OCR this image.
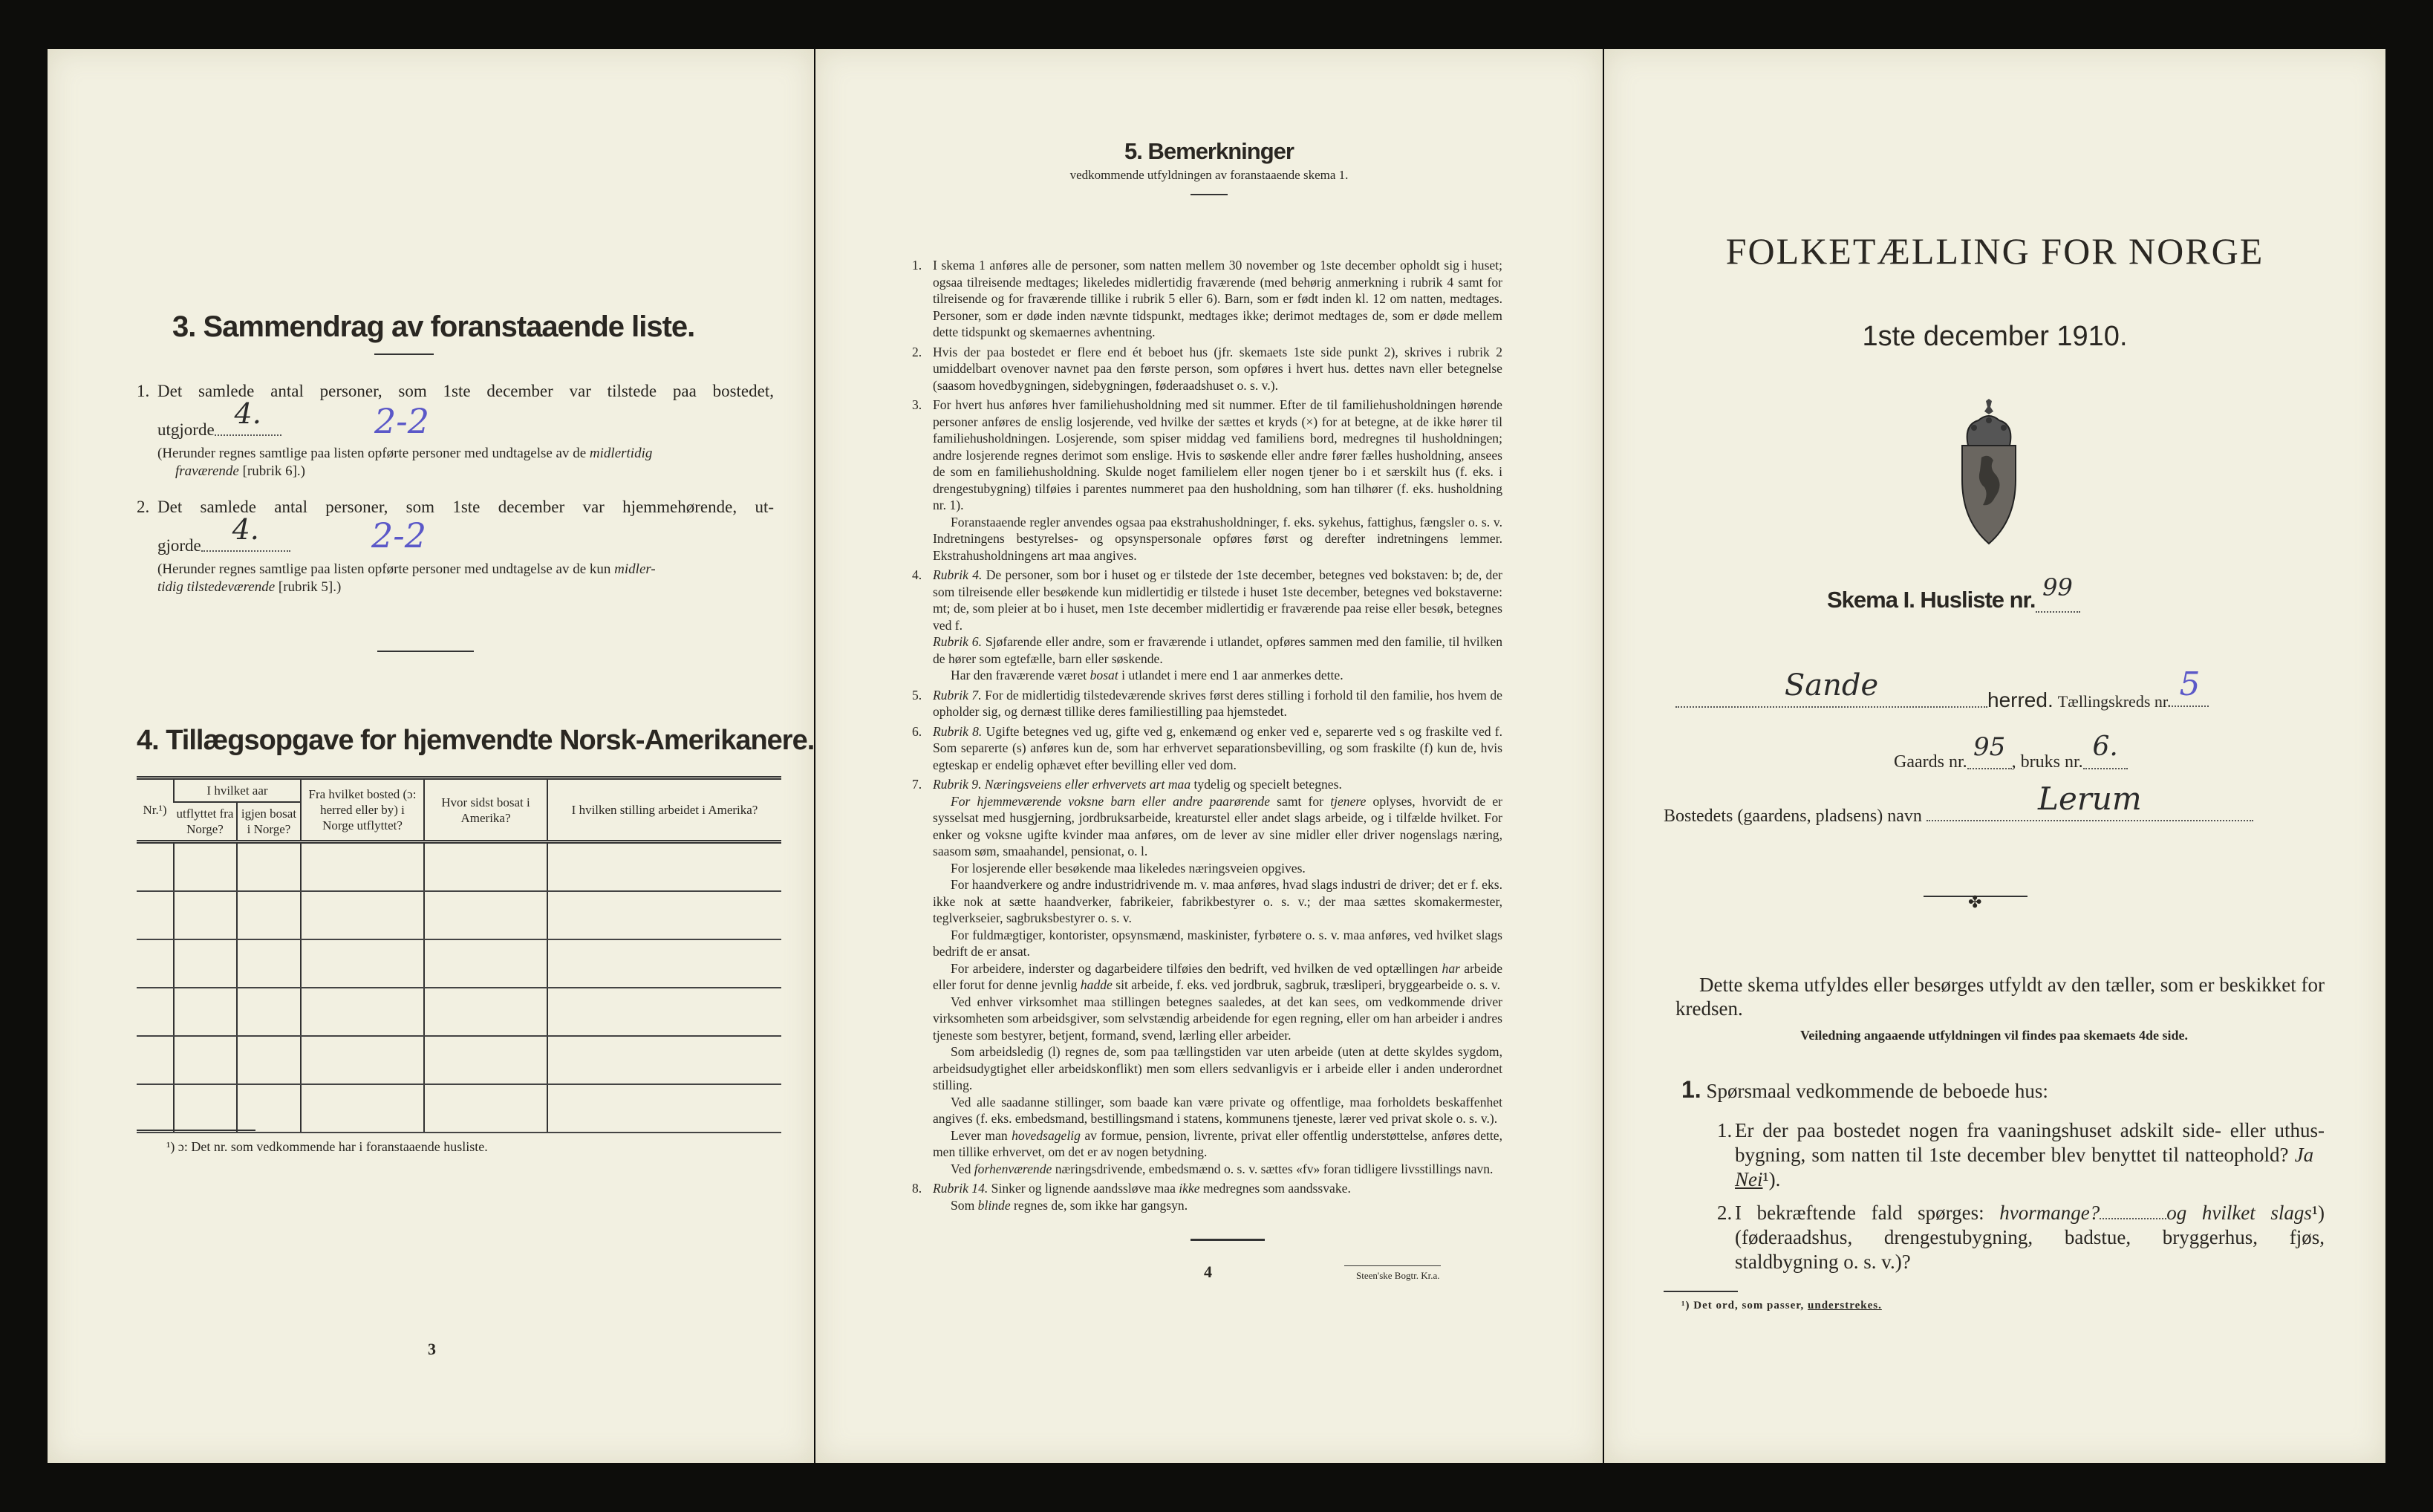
3. Sammendrag av foranstaaende liste.
1. Det samlede antal personer, som 1ste december var tilstede paa bostedet,
utgjorde 4.	2-2
(Herunder regnes samtlige paa listen opførte personer med undtagelse av de midlertidig
fraværende [rubrik 6].)
2. Det samlede antal personer, som 1ste december var hjemmehørende, ut-
gjorde 4.	2-2
(Herunder regnes samtlige paa listen opførte personer med undtagelse av de kun midler-
tidig tilstedeværende [rubrik 5].)
4. Tillægsopgave for hjemvendte Norsk-Amerikanere.
Nr.¹)	I hvilket aar		Fra hvilket bosted (ɔ: herred eller by) i Norge utflyttet?	Hvor sidst bosat i Amerika?	I hvilken stilling arbeidet i Amerika?
	utflyttet fra Norge?	igjen bosat i Norge?			

¹) ɔ: Det nr. som vedkommende har i foranstaaende husliste.
3
5. Bemerkninger
vedkommende utfyldningen av foranstaaende skema 1.
1. I skema 1 anføres alle de personer, som natten mellem 30 november og 1ste december opholdt sig i huset; ogsaa tilreisende medtages; likeledes midlertidig fraværende (med behørig anmerkning i rubrik 4 samt for tilreisende og for fraværende tillike i rubrik 5 eller 6). Barn, som er født inden kl. 12 om natten, medtages. Personer, som er døde inden nævnte tidspunkt, medtages ikke; derimot medtages de, som er døde mellem dette tidspunkt og skemaernes avhentning.

2. Hvis der paa bostedet er flere end ét beboet hus (jfr. skemaets 1ste side punkt 2), skrives i rubrik 2 umiddelbart ovenover navnet paa den første person, som opføres i hvert hus. dettes navn eller betegnelse (saasom hovedbygningen, sidebygningen, føderaadshuset o. s. v.).

3. For hvert hus anføres hver familiehusholdning med sit nummer. Efter de til familiehusholdningen hørende personer anføres de enslig losjerende, ved hvilke der sættes et kryds (×) for at betegne, at de ikke hører til familiehusholdningen. Losjerende, som spiser middag ved familiens bord, medregnes til husholdningen; andre losjerende regnes derimot som enslige. Hvis to søskende eller andre fører fælles husholdning, ansees de som en familiehusholdning. Skulde noget familielem eller nogen tjener bo i et særskilt hus (f. eks. i drengestubygning) tilføies i parentes nummeret paa den husholdning, som han tilhører (f. eks. husholdning nr. 1).

Foranstaaende regler anvendes ogsaa paa ekstrahusholdninger, f. eks. sykehus, fattighus, fængsler o. s. v. Indretningens bestyrelses- og opsynspersonale opføres først og derefter indretningens lemmer. Ekstrahusholdningens art maa angives.

4. Rubrik 4. De personer, som bor i huset og er tilstede der 1ste december, betegnes ved bokstaven: b; de, der som tilreisende eller besøkende kun midlertidig er tilstede i huset 1ste december, betegnes ved bokstaverne: mt; de, som pleier at bo i huset, men 1ste december midlertidig er fraværende paa reise eller besøk, betegnes ved f.

Rubrik 6. Sjøfarende eller andre, som er fraværende i utlandet, opføres sammen med den familie, til hvilken de hører som egtefælle, barn eller søskende.

Har den fraværende været bosat i utlandet i mere end 1 aar anmerkes dette.

5. Rubrik 7. For de midlertidig tilstedeværende skrives først deres stilling i forhold til den familie, hos hvem de opholder sig, og dernæst tillike deres familiestilling paa hjemstedet.

6. Rubrik 8. Ugifte betegnes ved ug, gifte ved g, enkemænd og enker ved e, separerte ved s og fraskilte ved f. Som separerte (s) anføres kun de, som har erhvervet separationsbevilling, og som fraskilte (f) kun de, hvis egteskap er endelig ophævet efter bevilling eller ved dom.

7. Rubrik 9. Næringsveiens eller erhvervets art maa tydelig og specielt betegnes.

For hjemmeværende voksne barn eller andre paarørende samt for tjenere oplyses, hvorvidt de er sysselsat med husgjerning, jordbruksarbeide, kreaturstel eller andet slags arbeide, og i tilfælde hvilket. For enker og voksne ugifte kvinder maa anføres, om de lever av sine midler eller driver nogenslags næring, saasom søm, smaahandel, pensionat, o. l.

For losjerende eller besøkende maa likeledes næringsveien opgives.

For haandverkere og andre industridrivende m. v. maa anføres, hvad slags industri de driver; det er f. eks. ikke nok at sætte haandverker, fabrikeier, fabrikbestyrer o. s. v.; der maa sættes skomakermester, teglverkseier, sagbruksbestyrer o. s. v.

For fuldmægtiger, kontorister, opsynsmænd, maskinister, fyrbøtere o. s. v. maa anføres, ved hvilket slags bedrift de er ansat.

For arbeidere, inderster og dagarbeidere tilføies den bedrift, ved hvilken de ved optællingen har arbeide eller forut for denne jevnlig hadde sit arbeide, f. eks. ved jordbruk, sagbruk, træsliperi, bryggearbeide o. s. v.

Ved enhver virksomhet maa stillingen betegnes saaledes, at det kan sees, om vedkommende driver virksomheten som arbeidsgiver, som selvstændig arbeidende for egen regning, eller om han arbeider i andres tjeneste som bestyrer, betjent, formand, svend, lærling eller arbeider.

Som arbeidsledig (l) regnes de, som paa tællingstiden var uten arbeide (uten at dette skyldes sygdom, arbeidsudygtighet eller arbeidskonflikt) men som ellers sedvanligvis er i arbeide eller i anden underordnet stilling.

Ved alle saadanne stillinger, som baade kan være private og offentlige, maa forholdets beskaffenhet angives (f. eks. embedsmand, bestillingsmand i statens, kommunens tjeneste, lærer ved privat skole o. s. v.).

Lever man hovedsagelig av formue, pension, livrente, privat eller offentlig understøttelse, anføres dette, men tillike erhvervet, om det er av nogen betydning.

Ved forhenværende næringsdrivende, embedsmænd o. s. v. sættes «fv» foran tidligere livsstillings navn.

8. Rubrik 14. Sinker og lignende aandssløve maa ikke medregnes som aandssvake.

Som blinde regnes de, som ikke har gangsyn.

4	Steen'ske Bogtr. Kr.a.
FOLKETÆLLING FOR NORGE
1ste december 1910.
Skema I. Husliste nr. 99
Sande	herred. Tællingskreds nr. 5
Gaards nr. 95 , bruks nr. 6.
Bostedets (gaardens, pladsens) navn	Lerum
✤
Dette skema utfyldes eller besørges utfyldt av den tæller, som er beskikket for kredsen.
Veiledning angaaende utfyldningen vil findes paa skemaets 4de side.
1. Spørsmaal vedkommende de beboede hus:
1. Er der paa bostedet nogen fra vaaningshuset adskilt side- eller uthus-bygning, som natten til 1ste december blev benyttet til natteophold? Ja   Nei¹).
2. I bekræftende fald spørges: hvormange?	og hvilket slags¹) (føderaadshus, drengestubygning, badstue, bryggerhus, fjøs, staldbygning o. s. v.)?
¹) Det ord, som passer, understrekes.
